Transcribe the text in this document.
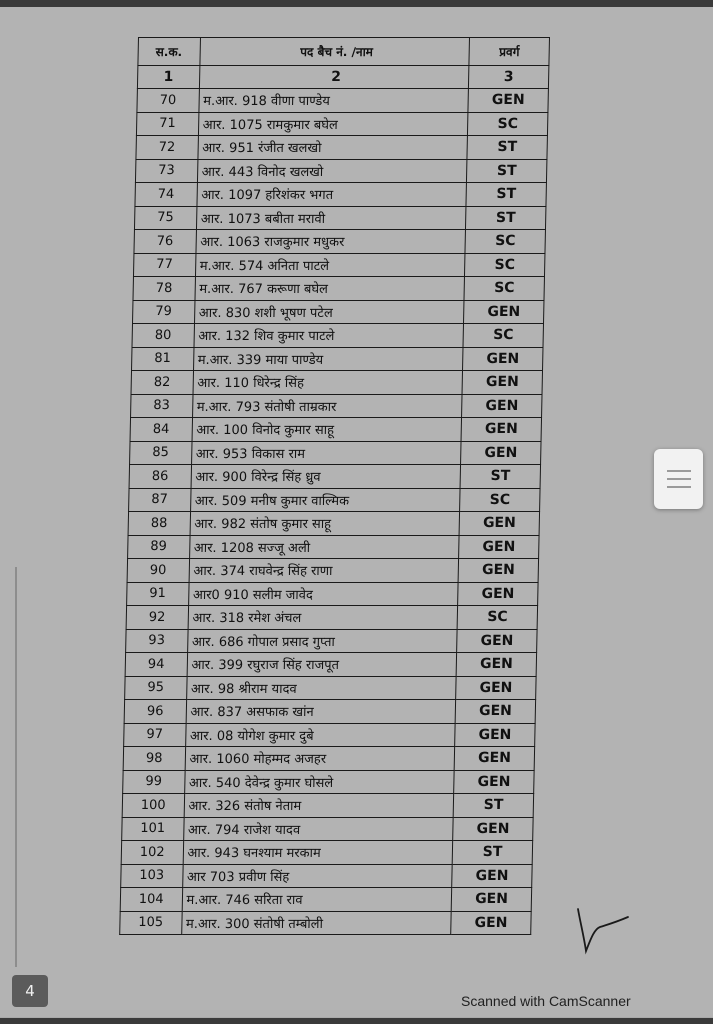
स.क.	पद बैच नं. /नाम	प्रवर्ग
1	2	3
70	म.आर. 918 वीणा पाण्डेय	GEN
71	आर. 1075 रामकुमार बघेल	SC
72	आर. 951 रंजीत खलखो	ST
73	आर. 443 विनोद खलखो	ST
74	आर. 1097 हरिशंकर भगत	ST
75	आर. 1073 बबीता मरावी	ST
76	आर. 1063 राजकुमार मधुकर	SC
77	म.आर. 574 अनिता पाटले	SC
78	म.आर. 767 करूणा बघेल	SC
79	आर. 830 शशी भूषण पटेल	GEN
80	आर. 132 शिव कुमार पाटले	SC
81	म.आर. 339 माया पाण्डेय	GEN
82	आर. 110 धिरेन्द्र सिंह	GEN
83	म.आर. 793 संतोषी ताम्रकार	GEN
84	आर. 100 विनोद कुमार साहू	GEN
85	आर. 953 विकास राम	GEN
86	आर. 900 विरेन्द्र सिंह ध्रुव	ST
87	आर. 509 मनीष कुमार वाल्मिक	SC
88	आर. 982 संतोष कुमार साहू	GEN
89	आर. 1208 सज्जू अली	GEN
90	आर. 374 राघवेन्द्र सिंह राणा	GEN
91	आर0 910 सलीम जावेद	GEN
92	आर. 318 रमेश अंचल	SC
93	आर. 686 गोपाल प्रसाद गुप्ता	GEN
94	आर. 399 रघुराज सिंह राजपूत	GEN
95	आर. 98 श्रीराम यादव	GEN
96	आर. 837 असफाक खांन	GEN
97	आर. 08 योगेश कुमार दुबे	GEN
98	आर. 1060 मोहम्मद अजहर	GEN
99	आर. 540 देवेन्द्र कुमार घोसले	GEN
100	आर. 326 संतोष नेताम	ST
101	आर. 794 राजेश यादव	GEN
102	आर. 943 घनश्याम मरकाम	ST
103	आर 703 प्रवीण सिंह	GEN
104	म.आर. 746 सरिता राव	GEN
105	म.आर. 300 संतोषी तम्बोली	GEN
Scanned with CamScanner
4
